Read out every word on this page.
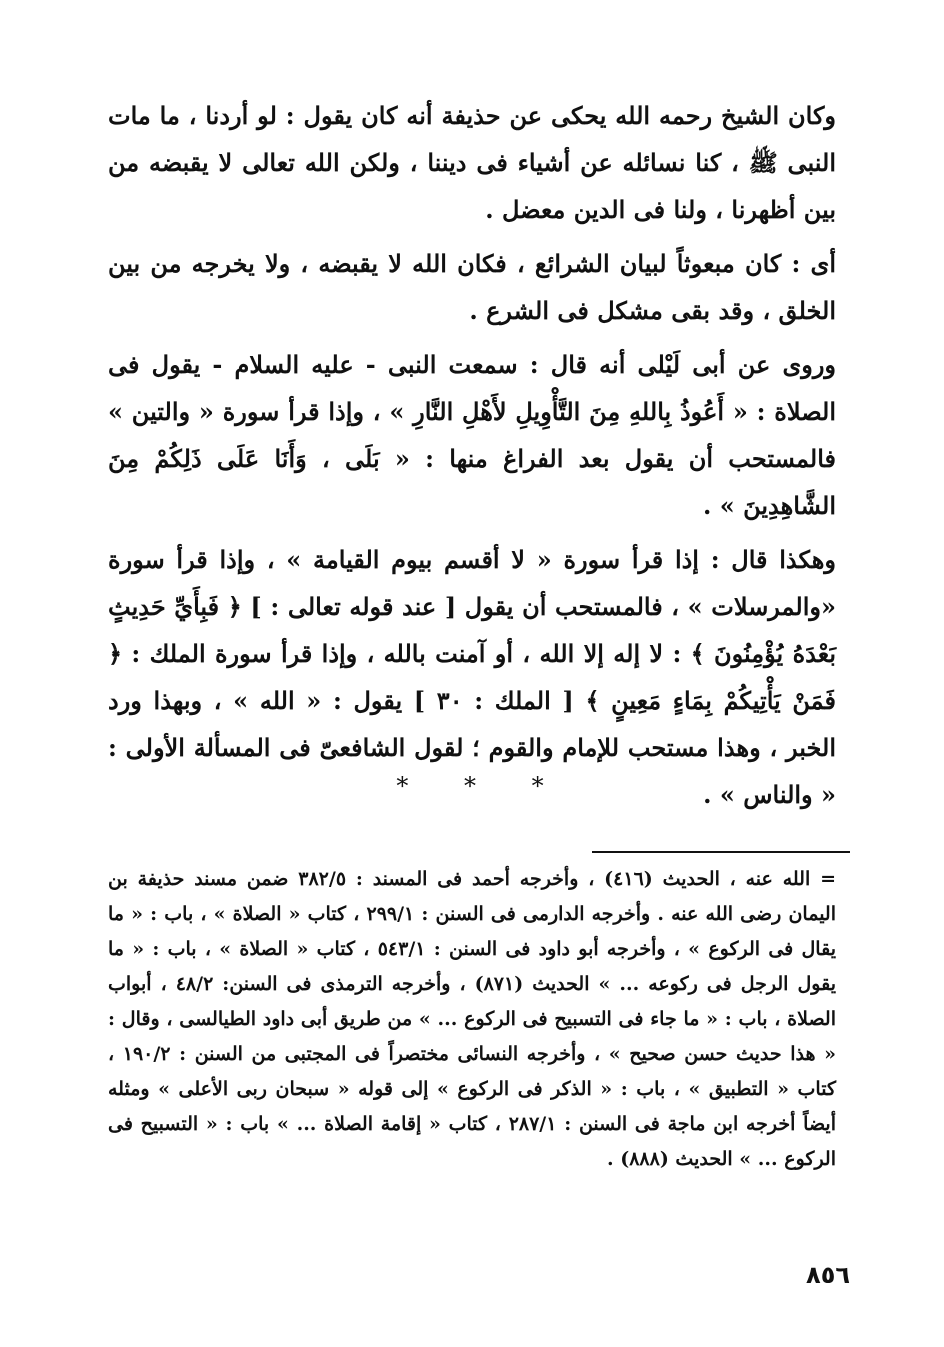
وكان الشيخ رحمه الله يحكى عن حذيفة أنه كان يقول : لو أردنا ، ما مات النبى ﷺ ، كنا نسائله عن أشياء فى ديننا ، ولكن الله تعالى لا يقبضه من بين أظهرنا ، ولنا فى الدين معضل .

أى : كان مبعوثاً لبيان الشرائع ، فكان الله لا يقبضه ، ولا يخرجه من بين الخلق ، وقد بقى مشكل فى الشرع .

وروى عن أبى لَيْلى أنه قال : سمعت النبى - عليه السلام - يقول فى الصلاة : « أَعُوذُ بِاللهِ مِنَ التَّأْوِيلِ لأَهْلِ النَّارِ » ، وإذا قرأ سورة « والتين » فالمستحب أن يقول بعد الفراغ منها : « بَلَى ، وَأَنَا عَلَى ذَلِكُمْ مِنَ الشَّاهِدِينَ » .

وهكذا قال : إذا قرأ سورة « لا أقسم بيوم القيامة » ، وإذا قرأ سورة «والمرسلات » ، فالمستحب أن يقول [ عند قوله تعالى : ] ﴿ فَبِأَيِّ حَدِيثٍ بَعْدَهُ يُؤْمِنُونَ ﴾ : لا إله إلا الله ، أو آمنت بالله ، وإذا قرأ سورة الملك : ﴿ فَمَنْ يَأْتِيكُمْ بِمَاءٍ مَعِينٍ ﴾ [ الملك : ٣٠ ] يقول : « الله » ، وبهذا ورد الخبر ، وهذا مستحب للإمام والقوم ؛ لقول الشافعىّ فى المسألة الأولى : « والناس » .

* * *

= الله عنه ، الحديث (٤١٦) ، وأخرجه أحمد فى المسند : ٣٨٢/٥ ضمن مسند حذيفة بن اليمان رضى الله عنه . وأخرجه الدارمى فى السنن : ٢٩٩/١ ، كتاب « الصلاة » ، باب : « ما يقال فى الركوع » ، وأخرجه أبو داود فى السنن : ٥٤٣/١ ، كتاب « الصلاة » ، باب : « ما يقول الرجل فى ركوعه ... » الحديث (٨٧١) ، وأخرجه الترمذى فى السنن: ٤٨/٢ ، أبواب الصلاة ، باب : « ما جاء فى التسبيح فى الركوع ... » من طريق أبى داود الطيالسى ، وقال : « هذا حديث حسن صحيح » ، وأخرجه النسائى مختصراً فى المجتبى من السنن : ١٩٠/٢ ، كتاب « التطبيق » ، باب : « الذكر فى الركوع » إلى قوله « سبحان ربى الأعلى » ومثله أيضاً أخرجه ابن ماجة فى السنن : ٢٨٧/١ ، كتاب « إقامة الصلاة ... » باب : « التسبيح فى الركوع ... » الحديث (٨٨٨) .

٨٥٦
